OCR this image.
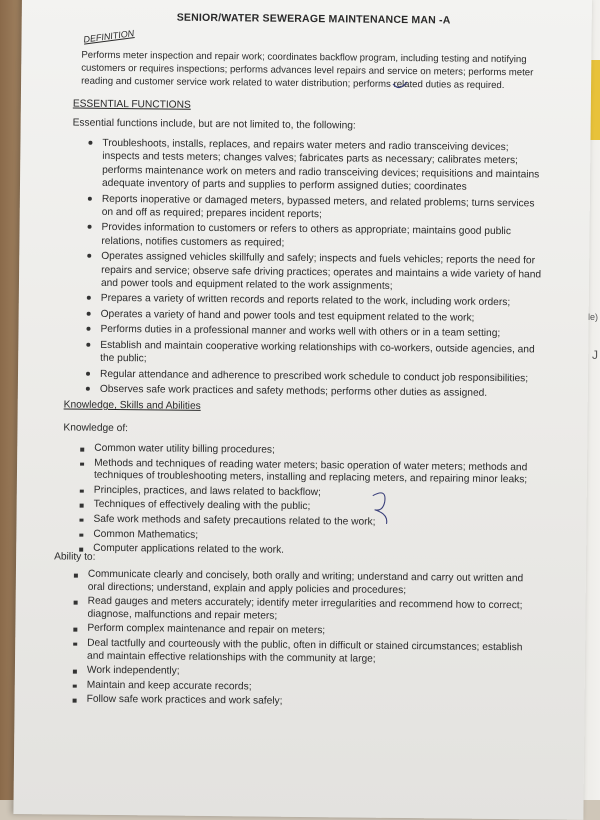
le)
J
SENIOR/WATER SEWERAGE MAINTENANCE MAN -A
DEFINITION
Performs meter inspection and repair work; coordinates backflow program, including testing and notifying customers or requires inspections; performs advances level repairs and service on meters; performs meter reading and customer service work related to water distribution; performs related duties as required.
ESSENTIAL FUNCTIONS
Essential functions include, but are not limited to, the following:
Troubleshoots, installs, replaces, and repairs water meters and radio transceiving devices; inspects and tests meters; changes valves; fabricates parts as necessary; calibrates meters; performs maintenance work on meters and radio transceiving devices; requisitions and maintains adequate inventory of parts and supplies to perform assigned duties; coordinates
Reports inoperative or damaged meters, bypassed meters, and related problems; turns services on and off as required; prepares incident reports;
Provides information to customers or refers to others as appropriate; maintains good public relations, notifies customers as required;
Operates assigned vehicles skillfully and safely; inspects and fuels vehicles; reports the need for repairs and service; observe safe driving practices; operates and maintains a wide variety of hand and power tools and equipment related to the work assignments;
Prepares a variety of written records and reports related to the work, including work orders;
Operates a variety of hand and power tools and test equipment related to the work;
Performs duties in a professional manner and works well with others or in a team setting;
Establish and maintain cooperative working relationships with co-workers, outside agencies, and the public;
Regular attendance and adherence to prescribed work schedule to conduct job responsibilities;
Observes safe work practices and safety methods; performs other duties as assigned.
Knowledge, Skills and Abilities
Knowledge of:
Common water utility billing procedures;
Methods and techniques of reading water meters; basic operation of water meters; methods and techniques of troubleshooting meters, installing and replacing meters, and repairing minor leaks;
Principles, practices, and laws related to backflow;
Techniques of effectively dealing with the public;
Safe work methods and safety precautions related to the work;
Common Mathematics;
Computer applications related to the work.
Ability to:
Communicate clearly and concisely, both orally and writing; understand and carry out written and oral directions; understand, explain and apply policies and procedures;
Read gauges and meters accurately; identify meter irregularities and recommend how to correct; diagnose, malfunctions and repair meters;
Perform complex maintenance and repair on meters;
Deal tactfully and courteously with the public, often in difficult or stained circumstances; establish and maintain effective relationships with the community at large;
Work independently;
Maintain and keep accurate records;
Follow safe work practices and work safely;
